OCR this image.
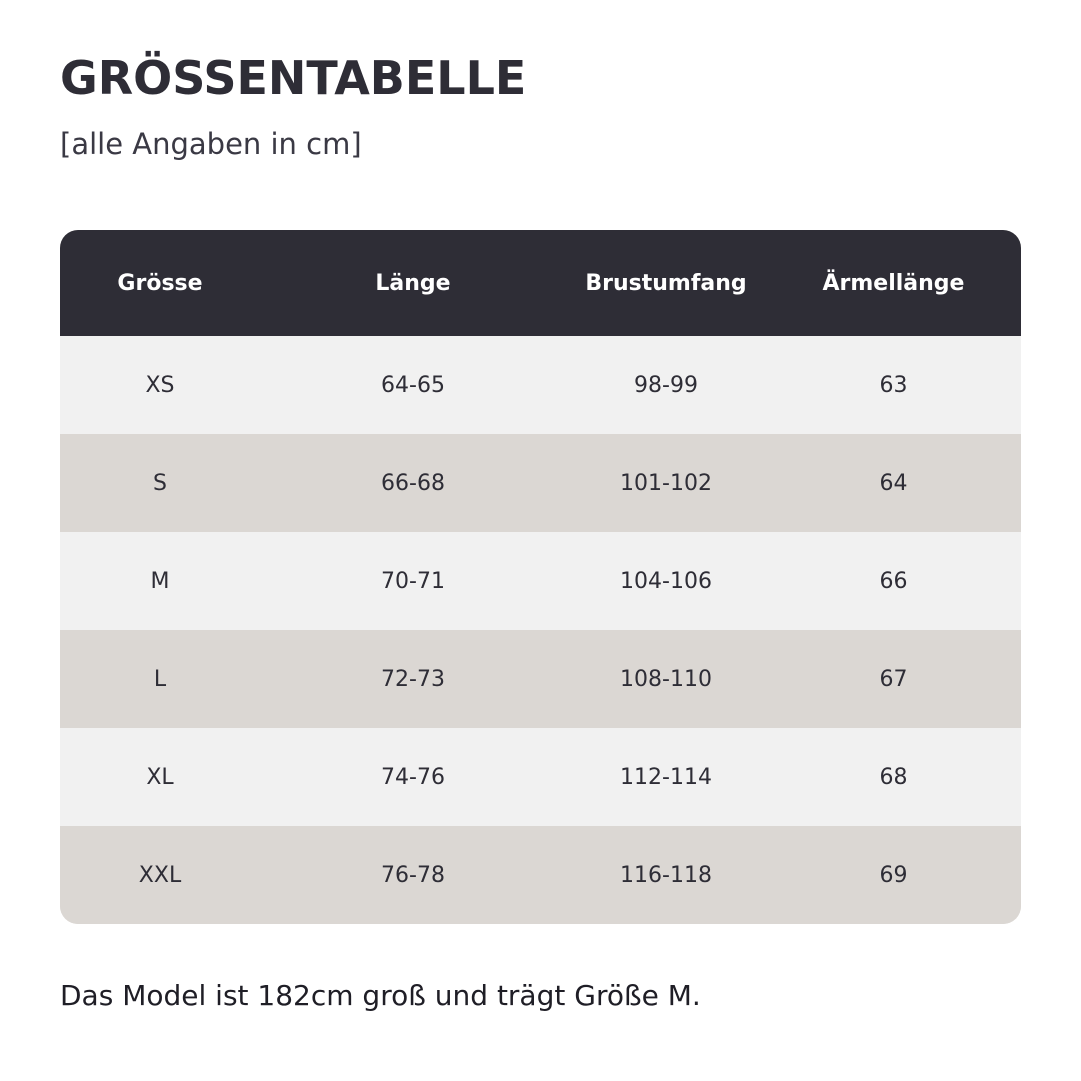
GRÖSSENTABELLE

[alle Angaben in cm]

Grösse	Länge	Brustumfang	Ärmellänge
XS	64-65	98-99	63
S	66-68	101-102	64
M	70-71	104-106	66
L	72-73	108-110	67
XL	74-76	112-114	68
XXL	76-78	116-118	69

Das Model ist 182cm groß und trägt Größe M.
